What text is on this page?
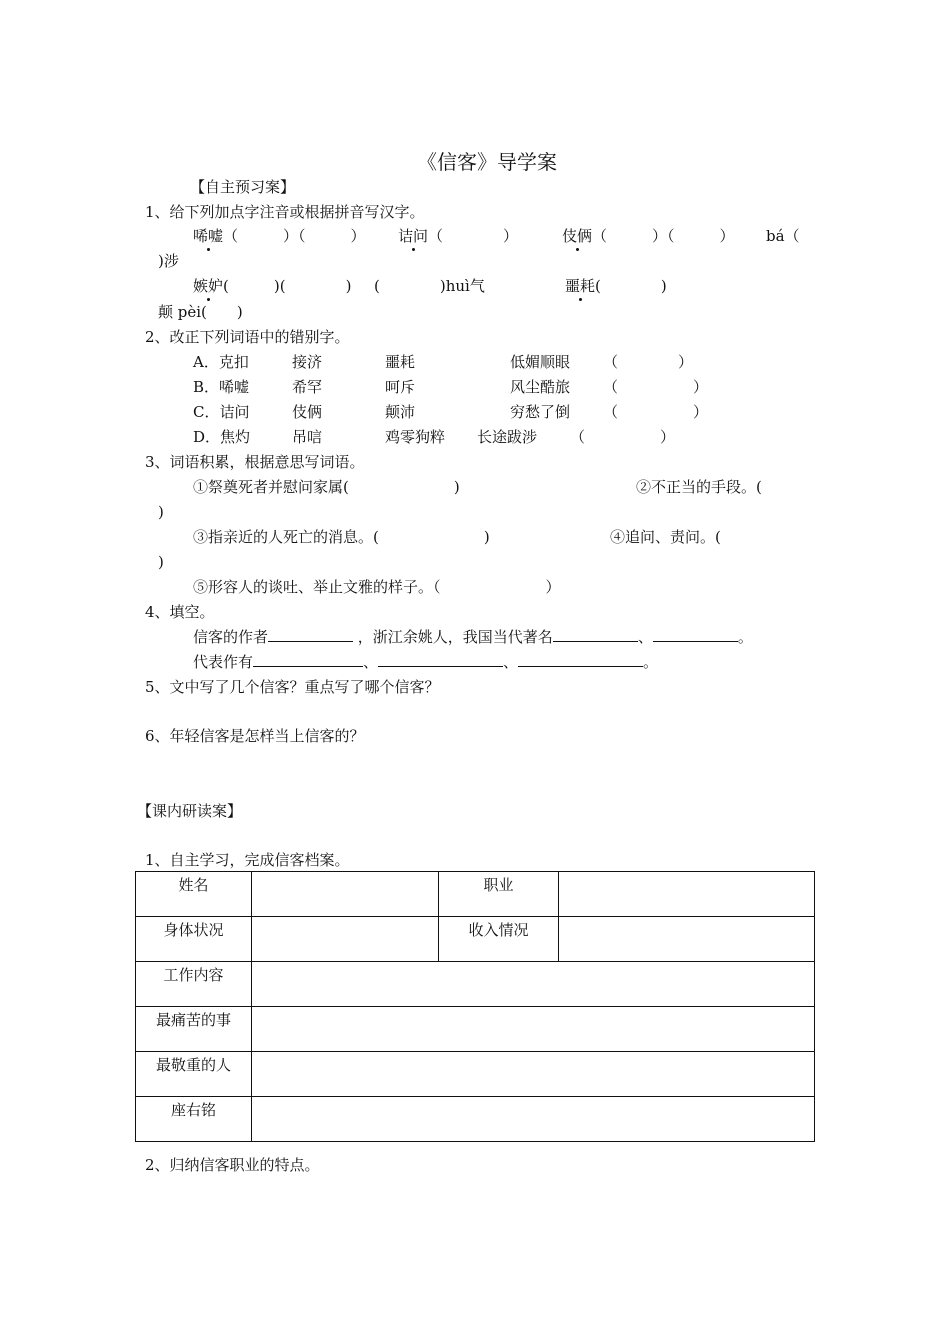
《信客》导学案
【自主预习案】
1、给下列加点字注音或根据拼音写汉字。
唏嘘（　　　）（　　　） 诘问（　　　　）	伎俩（　　　）（　　　） bá（
)涉
嫉妒(　　　)(　　　　) (　　　　)huì气	噩耗(　　　　)
颠 pèi(　　)
2、改正下列词语中的错别字。
A．克扣	接济	噩耗	低媚顺眼 （　　　　）
B．唏嘘	希罕	呵斥	风尘酷旅 （　　　　　）
C．诘问	伎俩	颠沛	穷愁了倒 （　　　　　）
D．焦灼	吊唁	鸡零狗粹 长途跋涉 （　　　　　）
3、词语积累，根据意思写词语。
①祭奠死者并慰问家属(　　　　　　　)	②不正当的手段。(
)
③指亲近的人死亡的消息。(　　　　　　　)	④追问、责问。(
)
⑤形容人的谈吐、举止文雅的样子。（　　　　　　　）
4、填空。
信客的作者	，浙江余姚人，我国当代著名	、	。
代表作有	、	、	。
5、文中写了几个信客？重点写了哪个信客？
6、年轻信客是怎样当上信客的？
【课内研读案】
1、自主学习，完成信客档案。
姓名		职业	
身体状况		收入情况	
工作内容			
最痛苦的事			
最敬重的人			
座右铭			
2、归纳信客职业的特点。
